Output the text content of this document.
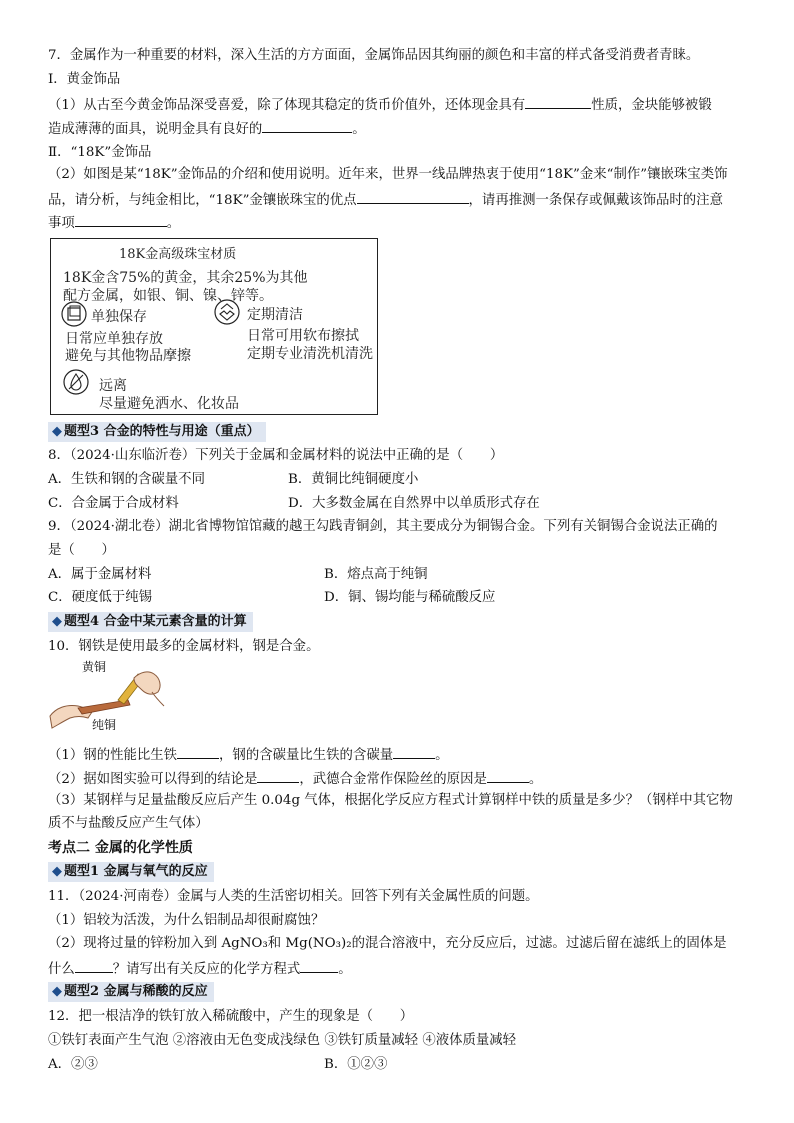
7．金属作为一种重要的材料，深入生活的方方面面，金属饰品因其绚丽的颜色和丰富的样式备受消费者青睐。
I．黄金饰品
（1）从古至今黄金饰品深受喜爱，除了体现其稳定的货币价值外，还体现金具有	性质，金块能够被锻
造成薄薄的面具，说明金具有良好的	。
Ⅱ．“18K”金饰品
（2）如图是某“18K”金饰品的介绍和使用说明。近年来，世界一线品牌热衷于使用“18K”金来“制作”镶嵌珠宝类饰
品，请分析，与纯金相比，“18K”金镶嵌珠宝的优点	，请再推测一条保存或佩戴该饰品时的注意
事项	。
18K金高级珠宝材质
18K金含75%的黄金，其余25%为其他
配方金属，如银、铜、镍、锌等。
单独保存
日常应单独存放
避免与其他物品摩擦
定期清洁
日常可用软布擦拭
定期专业清洗机清洗
远离
尽量避免洒水、化妆品
◆ 题型3 合金的特性与用途（重点）
8．（2024·山东临沂卷）下列关于金属和金属材料的说法中正确的是（　　）
A．生铁和钢的含碳量不同	B．黄铜比纯铜硬度小
C．合金属于合成材料	D．大多数金属在自然界中以单质形式存在
9．（2024·湖北卷）湖北省博物馆馆藏的越王勾践青铜剑，其主要成分为铜锡合金。下列有关铜锡合金说法正确的
是（　　）
A．属于金属材料	B．熔点高于纯铜
C．硬度低于纯锡	D．铜、锡均能与稀硫酸反应
◆ 题型4 合金中某元素含量的计算
10．钢铁是使用最多的金属材料，钢是合金。
黄铜
纯铜
（1）钢的性能比生铁	，钢的含碳量比生铁的含碳量	。
（2）据如图实验可以得到的结论是	，武德合金常作保险丝的原因是	。
（3）某钢样与足量盐酸反应后产生 0.04g 气体，根据化学反应方程式计算钢样中铁的质量是多少？（钢样中其它物
质不与盐酸反应产生气体）
考点二 金属的化学性质
◆ 题型1 金属与氧气的反应
11．（2024·河南卷）金属与人类的生活密切相关。回答下列有关金属性质的问题。
（1）铝较为活泼，为什么铝制品却很耐腐蚀？
（2）现将过量的锌粉加入到 AgNO₃和 Mg(NO₃)₂的混合溶液中，充分反应后，过滤。过滤后留在滤纸上的固体是
什么	？请写出有关反应的化学方程式	。
◆ 题型2 金属与稀酸的反应
12．把一根洁净的铁钉放入稀硫酸中，产生的现象是（　　）
①铁钉表面产生气泡 ②溶液由无色变成浅绿色 ③铁钉质量减轻 ④液体质量减轻
A．②③	B．①②③
